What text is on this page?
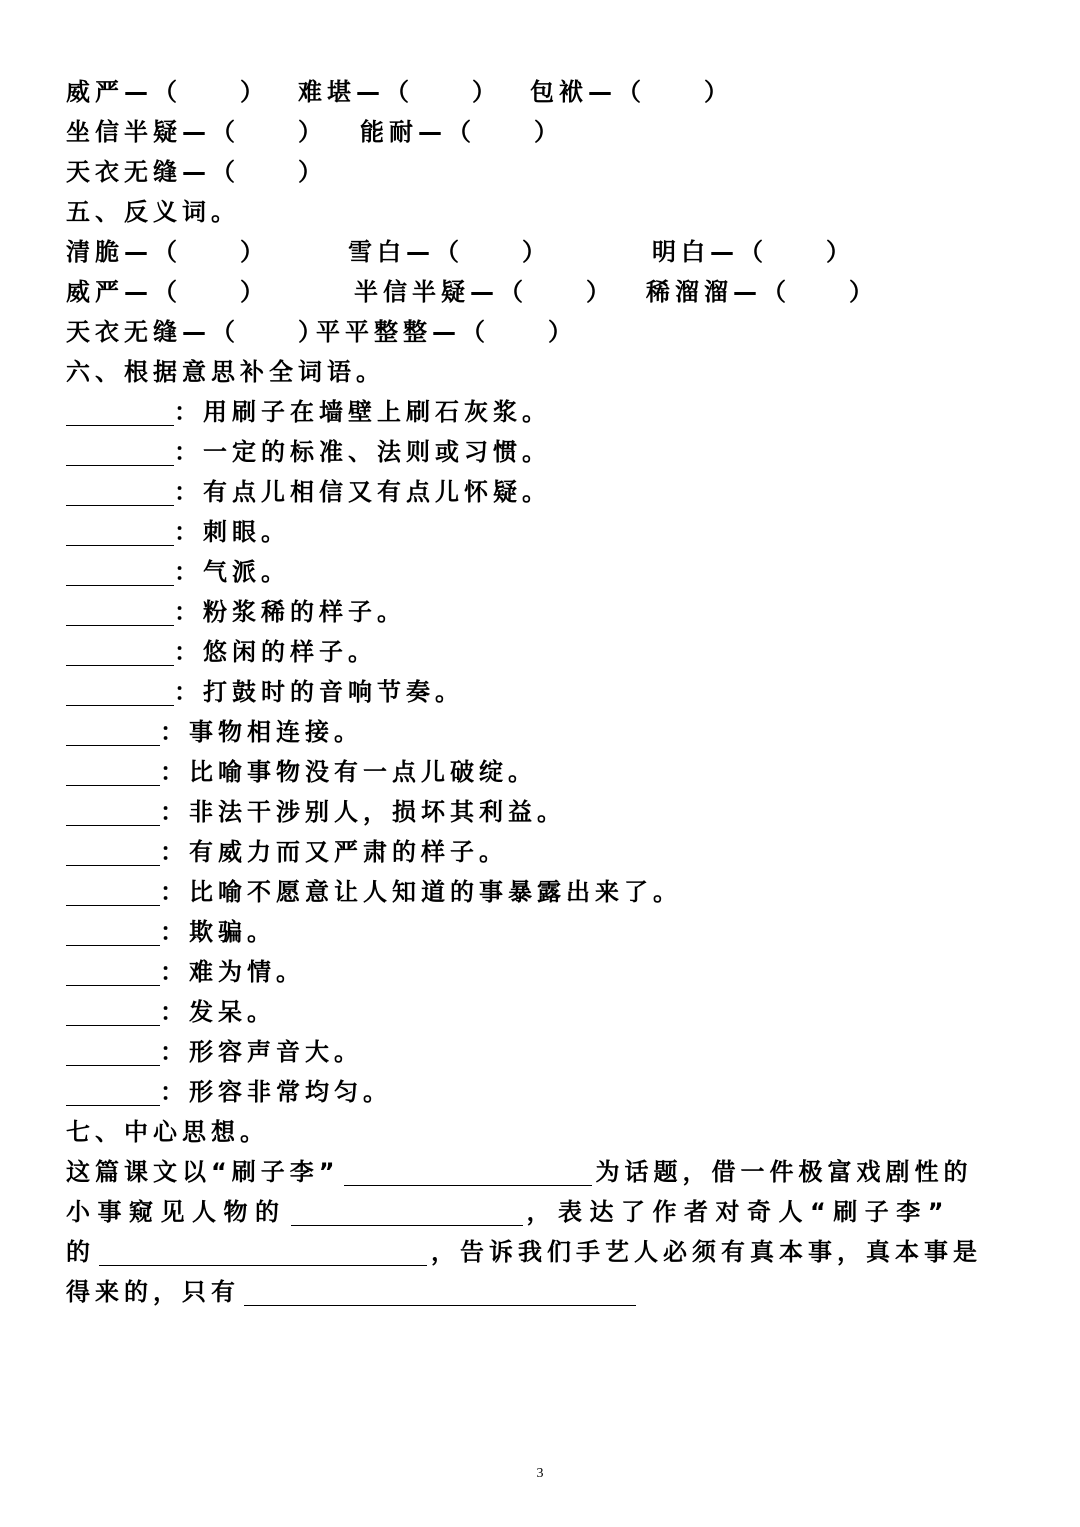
威严—（　　） 难堪—（　　） 包袱—（　　）
坐信半疑—（　　） 能耐—（　　）
天衣无缝—（　　）
五、反义词。
清脆—（　　）	雪白—（　　）	明白—（　　）
威严—（　　）	半信半疑—（　　） 稀溜溜—（　　）
天衣无缝—（　　）
平平整整—（　　）
六、根据意思补全词语。
：用刷子在墙壁上刷石灰浆。
：一定的标准、法则或习惯。
：有点儿相信又有点儿怀疑。
：刺眼。
：气派。
：粉浆稀的样子。
：悠闲的样子。
：打鼓时的音响节奏。
：事物相连接。
：比喻事物没有一点儿破绽。
：非法干涉别人，损坏其利益。
：有威力而又严肃的样子。
：比喻不愿意让人知道的事暴露出来了。
：欺骗。
：难为情。
：发呆。
：形容声音大。
：形容非常均匀。
七、中心思想。
这篇课文以“刷子李”	为话题，借一件极富戏剧性的
小事窥见人物的	，表达了作者对奇人“刷子李”
的	，告诉我们手艺人必须有真本事，真本事是
得来的，只有
3
